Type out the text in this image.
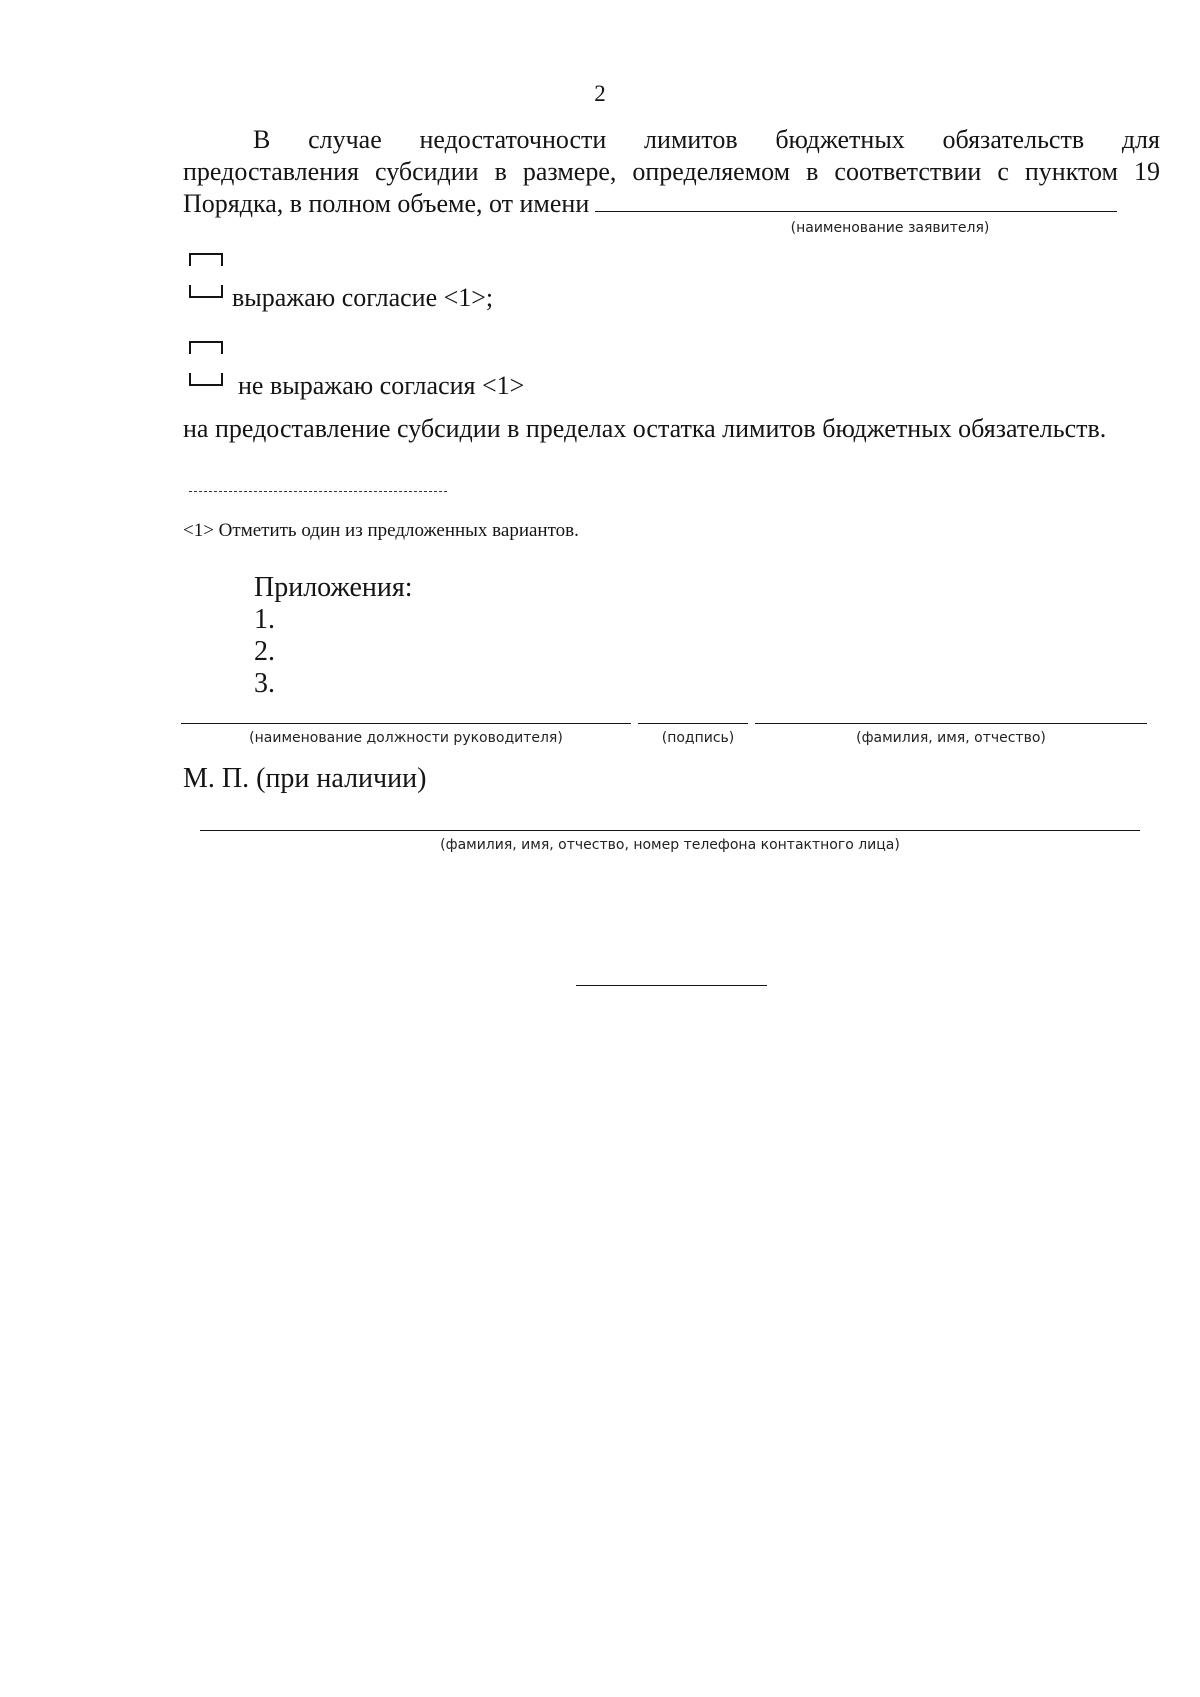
2
В случае недостаточности лимитов бюджетных обязательств для
предоставления субсидии в размере, определяемом в соответствии с пунктом 19
Порядка, в полном объеме, от имени
(наименование заявителя)
выражаю согласие <1>;
не выражаю согласия <1>
на предоставление субсидии в пределах остатка лимитов бюджетных обязательств.
<1> Отметить один из предложенных вариантов.
Приложения:
1.
2.
3.
(наименование должности руководителя)	(подпись)	(фамилия, имя, отчество)
М. П. (при наличии)
(фамилия, имя, отчество, номер телефона контактного лица)
